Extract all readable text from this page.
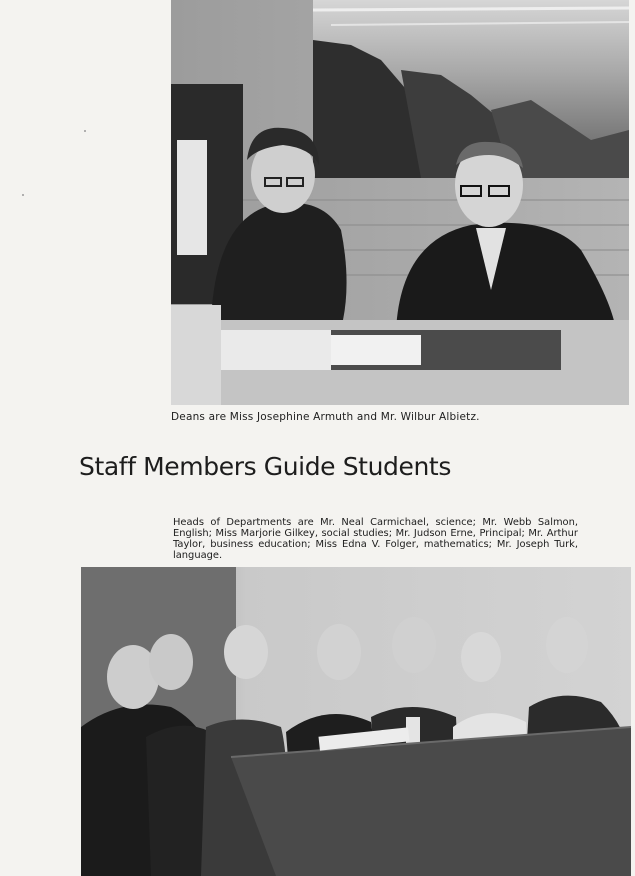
Deans are Miss Josephine Armuth and Mr. Wilbur Albietz.
Staff Members Guide Students
Heads of Departments are Mr. Neal Carmichael, science; Mr. Webb Salmon, English; Miss Marjorie Gilkey, social studies; Mr. Judson Erne, Principal; Mr. Arthur Taylor, business education; Miss Edna V. Folger, mathematics; Mr. Joseph Turk, language.
